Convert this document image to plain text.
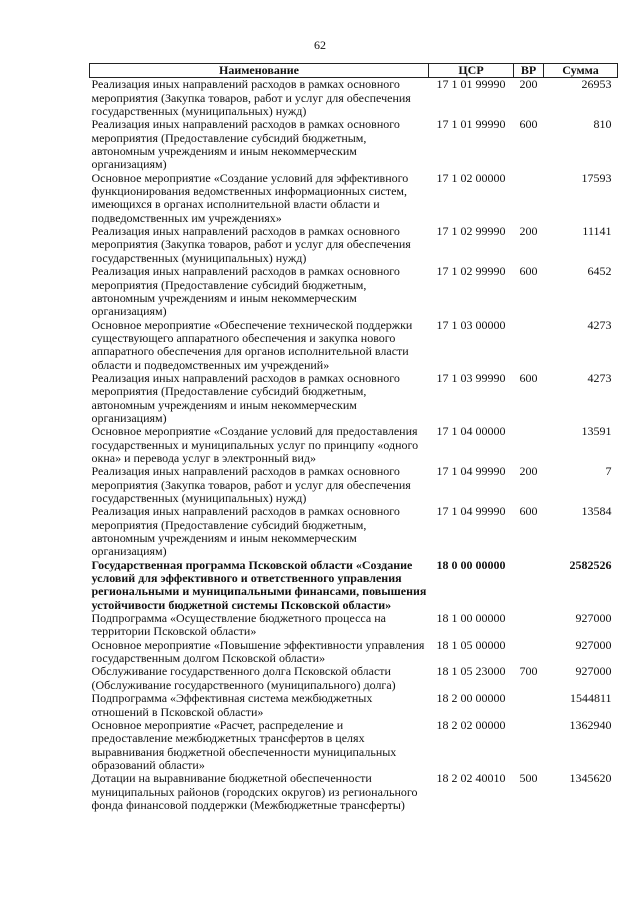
62
Наименование	ЦСР	ВР	Сумма
Реализация иных направлений расходов в рамках основного мероприятия (Закупка товаров, работ и услуг для обеспечения государственных (муниципальных) нужд)	17 1 01 99990	200	26953
Реализация иных направлений расходов в рамках основного мероприятия (Предоставление субсидий бюджетным, автономным учреждениям и иным некоммерческим организациям)	17 1 01 99990	600	810
Основное мероприятие «Создание условий для эффективного функционирования ведомственных информационных систем, имеющихся в органах исполнительной власти области и подведомственных им учреждениях»	17 1 02 00000		17593
Реализация иных направлений расходов в рамках основного мероприятия (Закупка товаров, работ и услуг для обеспечения государственных (муниципальных) нужд)	17 1 02 99990	200	11141
Реализация иных направлений расходов в рамках основного мероприятия (Предоставление субсидий бюджетным, автономным учреждениям и иным некоммерческим организациям)	17 1 02 99990	600	6452
Основное мероприятие «Обеспечение технической поддержки существующего аппаратного обеспечения и закупка нового аппаратного обеспечения для органов исполнительной власти области и подведомственных им учреждений»	17 1 03 00000		4273
Реализация иных направлений расходов в рамках основного мероприятия (Предоставление субсидий бюджетным, автономным учреждениям и иным некоммерческим организациям)	17 1 03 99990	600	4273
Основное мероприятие «Создание условий для предоставления государственных и муниципальных услуг по принципу «одного окна» и перевода услуг в электронный вид»	17 1 04 00000		13591
Реализация иных направлений расходов в рамках основного мероприятия (Закупка товаров, работ и услуг для обеспечения государственных (муниципальных) нужд)	17 1 04 99990	200	7
Реализация иных направлений расходов в рамках основного мероприятия (Предоставление субсидий бюджетным, автономным учреждениям и иным некоммерческим организациям)	17 1 04 99990	600	13584
Государственная программа Псковской области «Создание условий для эффективного и ответственного управления региональными и муниципальными финансами, повышения устойчивости бюджетной системы Псковской области»	18 0 00 00000		2582526
Подпрограмма «Осуществление бюджетного процесса на территории Псковской области»	18 1 00 00000		927000
Основное мероприятие «Повышение эффективности управления государственным долгом Псковской области»	18 1 05 00000		927000
Обслуживание государственного долга Псковской области (Обслуживание государственного (муниципального) долга)	18 1 05 23000	700	927000
Подпрограмма «Эффективная система межбюджетных отношений в Псковской области»	18 2 00 00000		1544811
Основное мероприятие «Расчет, распределение и предоставление межбюджетных трансфертов в целях выравнивания бюджетной обеспеченности муниципальных образований области»	18 2 02 00000		1362940
Дотации на выравнивание бюджетной обеспеченности муниципальных районов (городских округов) из регионального фонда финансовой поддержки (Межбюджетные трансферты)	18 2 02 40010	500	1345620
